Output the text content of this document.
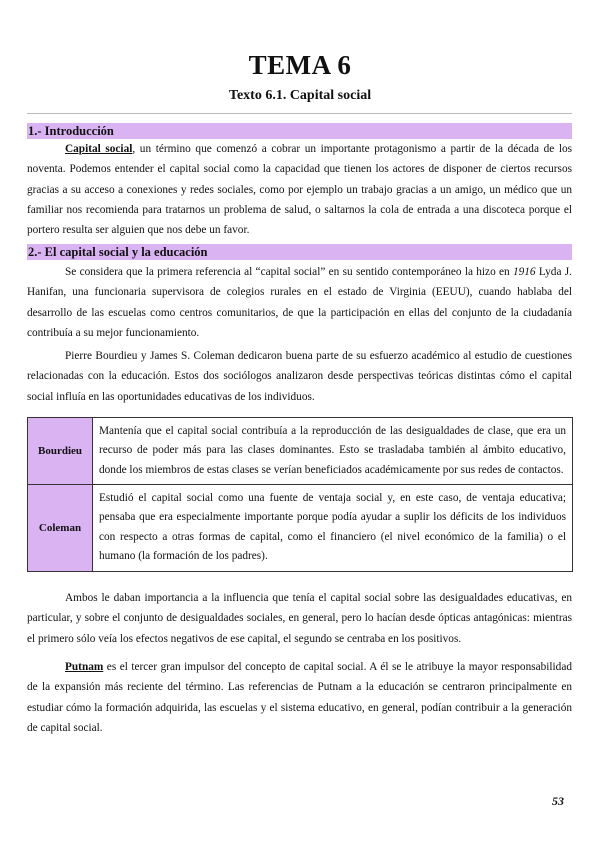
TEMA 6
Texto 6.1. Capital social
1.- Introducción

Capital social, un término que comenzó a cobrar un importante protagonismo a partir de la década de los noventa. Podemos entender el capital social como la capacidad que tienen los actores de disponer de ciertos recursos gracias a su acceso a conexiones y redes sociales, como por ejemplo un trabajo gracias a un amigo, un médico que un familiar nos recomienda para tratarnos un problema de salud, o saltarnos la cola de entrada a una discoteca porque el portero resulta ser alguien que nos debe un favor.

2.- El capital social y la educación

Se considera que la primera referencia al “capital social” en su sentido contemporáneo la hizo en 1916 Lyda J. Hanifan, una funcionaria supervisora de colegios rurales en el estado de Virginia (EEUU), cuando hablaba del desarrollo de las escuelas como centros comunitarios, de que la participación en ellas del conjunto de la ciudadanía contribuía a su mejor funcionamiento.

Pierre Bourdieu y James S. Coleman dedicaron buena parte de su esfuerzo académico al estudio de cuestiones relacionadas con la educación. Estos dos sociólogos analizaron desde perspectivas teóricas distintas cómo el capital social influía en las oportunidades educativas de los individuos.

Bourdieu	Mantenía que el capital social contribuía a la reproducción de las desigualdades de clase, que era un recurso de poder más para las clases dominantes. Esto se trasladaba también al ámbito educativo, donde los miembros de estas clases se verían beneficiados académicamente por sus redes de contactos.
Coleman	Estudió el capital social como una fuente de ventaja social y, en este caso, de ventaja educativa; pensaba que era especialmente importante porque podía ayudar a suplir los déficits de los individuos con respecto a otras formas de capital, como el financiero (el nivel económico de la familia) o el humano (la formación de los padres).

Ambos le daban importancia a la influencia que tenía el capital social sobre las desigualdades educativas, en particular, y sobre el conjunto de desigualdades sociales, en general, pero lo hacían desde ópticas antagónicas: mientras el primero sólo veía los efectos negativos de ese capital, el segundo se centraba en los positivos.

Putnam es el tercer gran impulsor del concepto de capital social. A él se le atribuye la mayor responsabilidad de la expansión más reciente del término. Las referencias de Putnam a la educación se centraron principalmente en estudiar cómo la formación adquirida, las escuelas y el sistema educativo, en general, podían contribuir a la generación de capital social.

53
